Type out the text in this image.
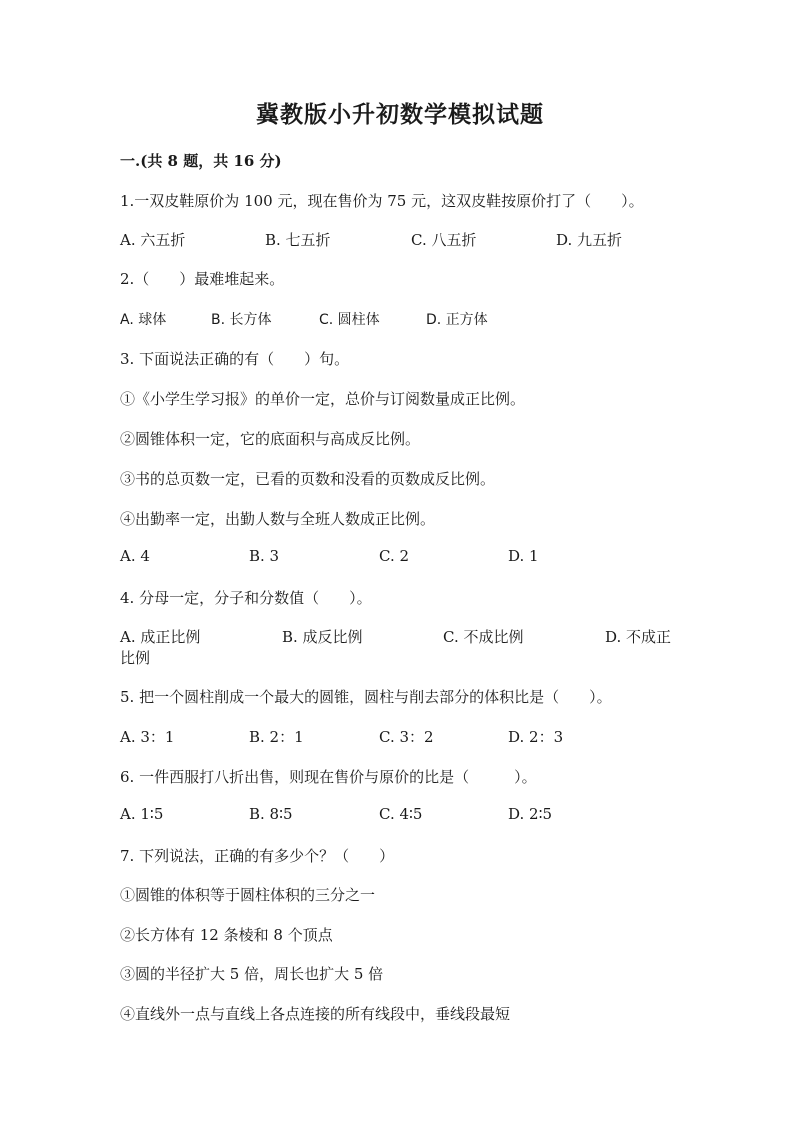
冀教版小升初数学模拟试题
一.(共 8 题，共 16 分)
1.一双皮鞋原价为 100 元，现在售价为 75 元，这双皮鞋按原价打了（　　）。
A. 六五折	B. 七五折	C. 八五折	D. 九五折
2.（　　）最难堆起来。
A. 球体	B. 长方体	C. 圆柱体	D. 正方体
3. 下面说法正确的有（　　）句。
①《小学生学习报》的单价一定，总价与订阅数量成正比例。
②圆锥体积一定，它的底面积与高成反比例。
③书的总页数一定，已看的页数和没看的页数成反比例。
④出勤率一定，出勤人数与全班人数成正比例。
A. 4	B. 3	C. 2	D. 1
4. 分母一定，分子和分数值（　　）。
A. 成正比例	B. 成反比例	C. 不成比例	D. 不成正
比例
5. 把一个圆柱削成一个最大的圆锥，圆柱与削去部分的体积比是（　　）。
A. 3：1	B. 2：1	C. 3：2	D. 2：3
6. 一件西服打八折出售，则现在售价与原价的比是（　　　）。
A. 1∶5	B. 8∶5	C. 4∶5	D. 2∶5
7. 下列说法，正确的有多少个？（　　）
①圆锥的体积等于圆柱体积的三分之一
②长方体有 12 条棱和 8 个顶点
③圆的半径扩大 5 倍，周长也扩大 5 倍
④直线外一点与直线上各点连接的所有线段中，垂线段最短
